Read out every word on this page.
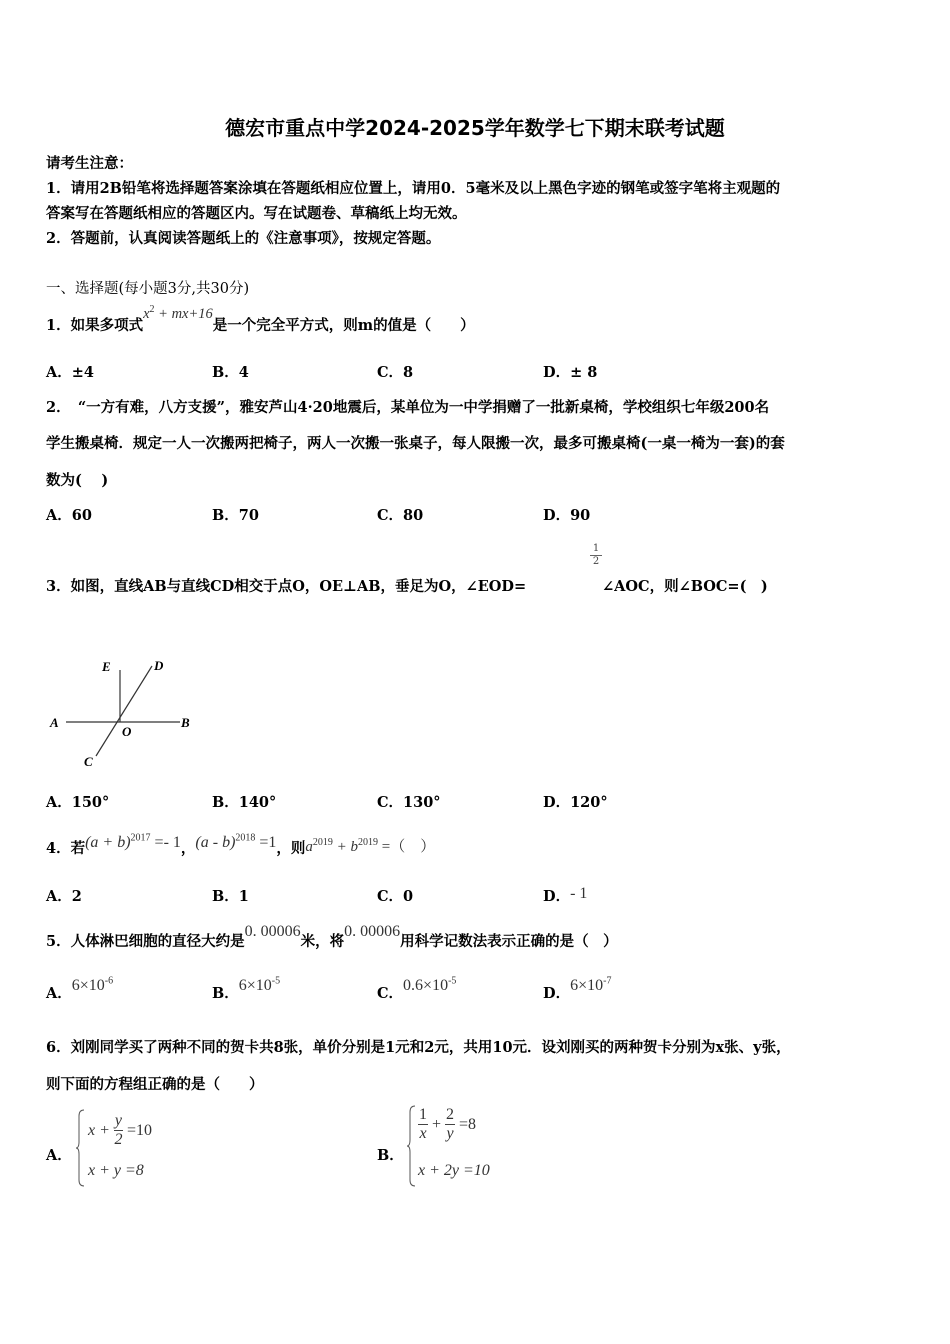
德宏市重点中学2024-2025学年数学七下期末联考试题
请考生注意：
1．请用2B铅笔将选择题答案涂填在答题纸相应位置上，请用0．5毫米及以上黑色字迹的钢笔或签字笔将主观题的
答案写在答题纸相应的答题区内。写在试题卷、草稿纸上均无效。
2．答题前，认真阅读答题纸上的《注意事项》，按规定答题。
一、选择题(每小题3分,共30分)
1．如果多项式$x^2 + mx+16$是一个完全平方式，则m的值是（　　）
A．±4	B．4	C．8	D．± 8
2．　“一方有难，八方支援”，雅安芦山4·20地震后，某单位为一中学捐赠了一批新桌椅，学校组织七年级200名
学生搬桌椅．规定一人一次搬两把椅子，两人一次搬一张桌子，每人限搬一次，最多可搬桌椅(一桌一椅为一套)的套
数为(　 )
A．60	B．70	C．80	D．90
3．如图，直线AB与直线CD相交于点O，OE⊥AB，垂足为O，∠EOD=
$\frac{1}{2}$
∠AOC，则∠BOC=(　)
A	B
C
D
E
O
A．150°	B．140°	C．130°	D．120°
4．若$(a + b)^{2017} =- 1$，(a - b)$^{2018}$ =1，则$a^{2019} + b^{2019}$ =（　）
A．2	B．1	C．0	D．- 1
5．人体淋巴细胞的直径大约是0. 00006米，将0. 00006用科学记数法表示正确的是（　）
A．$6\times 10^{-6}$
B．$6\times 10^{-5}$
C．$0.6\times 10^{-5}$
D．$6\times 10^{-7}$
6．刘刚同学买了两种不同的贺卡共8张，单价分别是1元和2元，共用10元．设刘刚买的两种贺卡分别为x张、y张，
则下面的方程组正确的是（　　）
A．
$x + \frac{y}{2} =10$
x + y =8
B．
$\frac{1}{x} + \frac{2}{y} =8$
x + 2y =10
